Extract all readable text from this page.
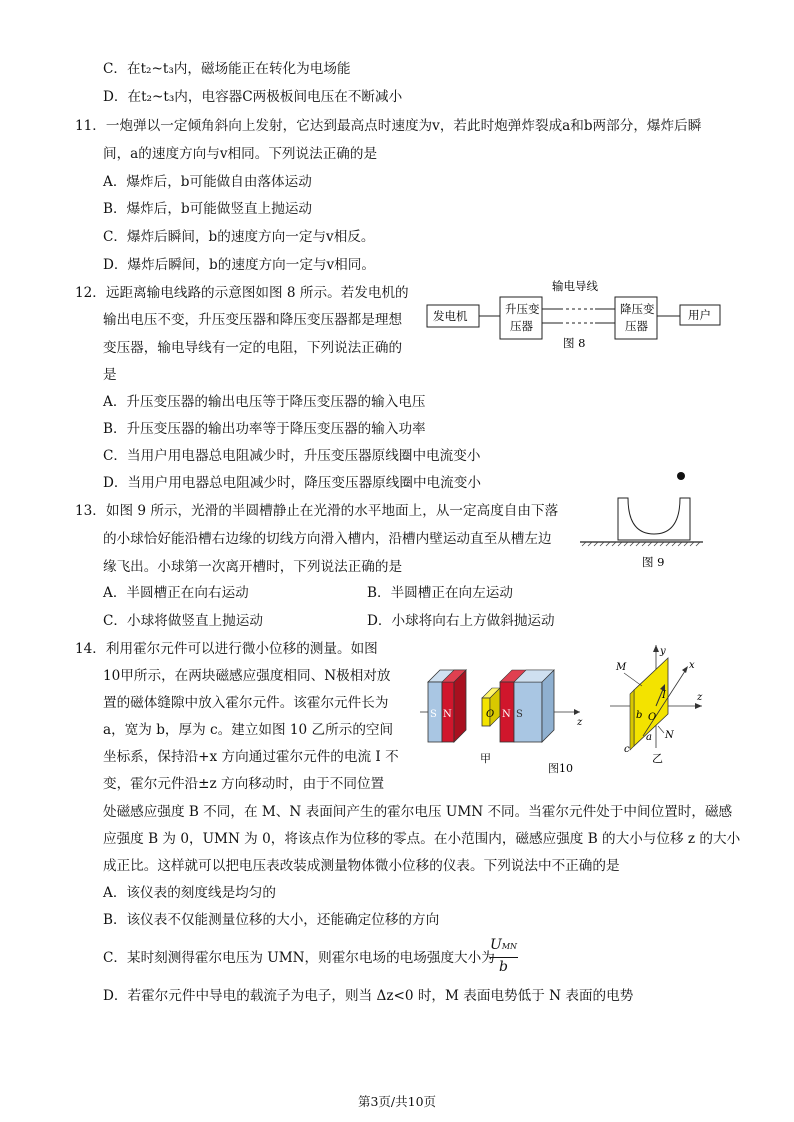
C．在t₂~t₃内，磁场能正在转化为电场能
D．在t₂~t₃内，电容器C两极板间电压在不断减小
11．一炮弹以一定倾角斜向上发射，它达到最高点时速度为v，若此时炮弹炸裂成a和b两部分，爆炸后瞬
间，a的速度方向与v相同。下列说法正确的是
A．爆炸后，b可能做自由落体运动
B．爆炸后，b可能做竖直上抛运动
C．爆炸后瞬间，b的速度方向一定与v相反。
D．爆炸后瞬间，b的速度方向一定与v相同。
12．远距离输电线路的示意图如图 8 所示。若发电机的
输出电压不变，升压变压器和降压变压器都是理想
变压器，输电导线有一定的电阻，下列说法正确的
是
A．升压变压器的输出电压等于降压变压器的输入电压
B．升压变压器的输出功率等于降压变压器的输入功率
C．当用户用电器总电阻减少时，升压变压器原线圈中电流变小
D．当用户用电器总电阻减少时，降压变压器原线圈中电流变小
输电导线
发电机	升压变
压器
降压变
压器
用户
图 8
13．如图 9 所示，光滑的半圆槽静止在光滑的水平地面上，从一定高度自由下落
的小球恰好能沿槽右边缘的切线方向滑入槽内，沿槽内壁运动直至从槽左边
缘飞出。小球第一次离开槽时，下列说法正确的是
A．半圆槽正在向右运动	B．半圆槽正在向左运动
C．小球将做竖直上抛运动	D．小球将向右上方做斜抛运动
图 9
14．利用霍尔元件可以进行微小位移的测量。如图
10甲所示，在两块磁感应强度相同、N极相对放
置的磁体缝隙中放入霍尔元件。该霍尔元件长为
a，宽为 b，厚为 c。建立如图 10 乙所示的空间
坐标系，保持沿+x 方向通过霍尔元件的电流 I 不
变，霍尔元件沿±z 方向移动时，由于不同位置
处磁感应强度 B 不同，在 M、N 表面间产生的霍尔电压 UMN 不同。当霍尔元件处于中间位置时，磁感
应强度 B 为 0，UMN 为 0，将该点作为位移的零点。在小范围内，磁感应强度 B 的大小与位移 z 的大小
成正比。这样就可以把电压表改装成测量物体微小位移的仪表。下列说法中不正确的是
A．该仪表的刻度线是均匀的
B．该仪表不仅能测量位移的大小，还能确定位移的方向
C．某时刻测得霍尔电压为 UMN，则霍尔电场的电场强度大小为
UMN
b
D．若霍尔元件中导电的载流子为电子，则当 Δz<0 时，M 表面电势低于 N 表面的电势
S N	O N S
z
甲
图10
y
z
x
I
O
M
N
b
c
a
乙
第3页/共10页
